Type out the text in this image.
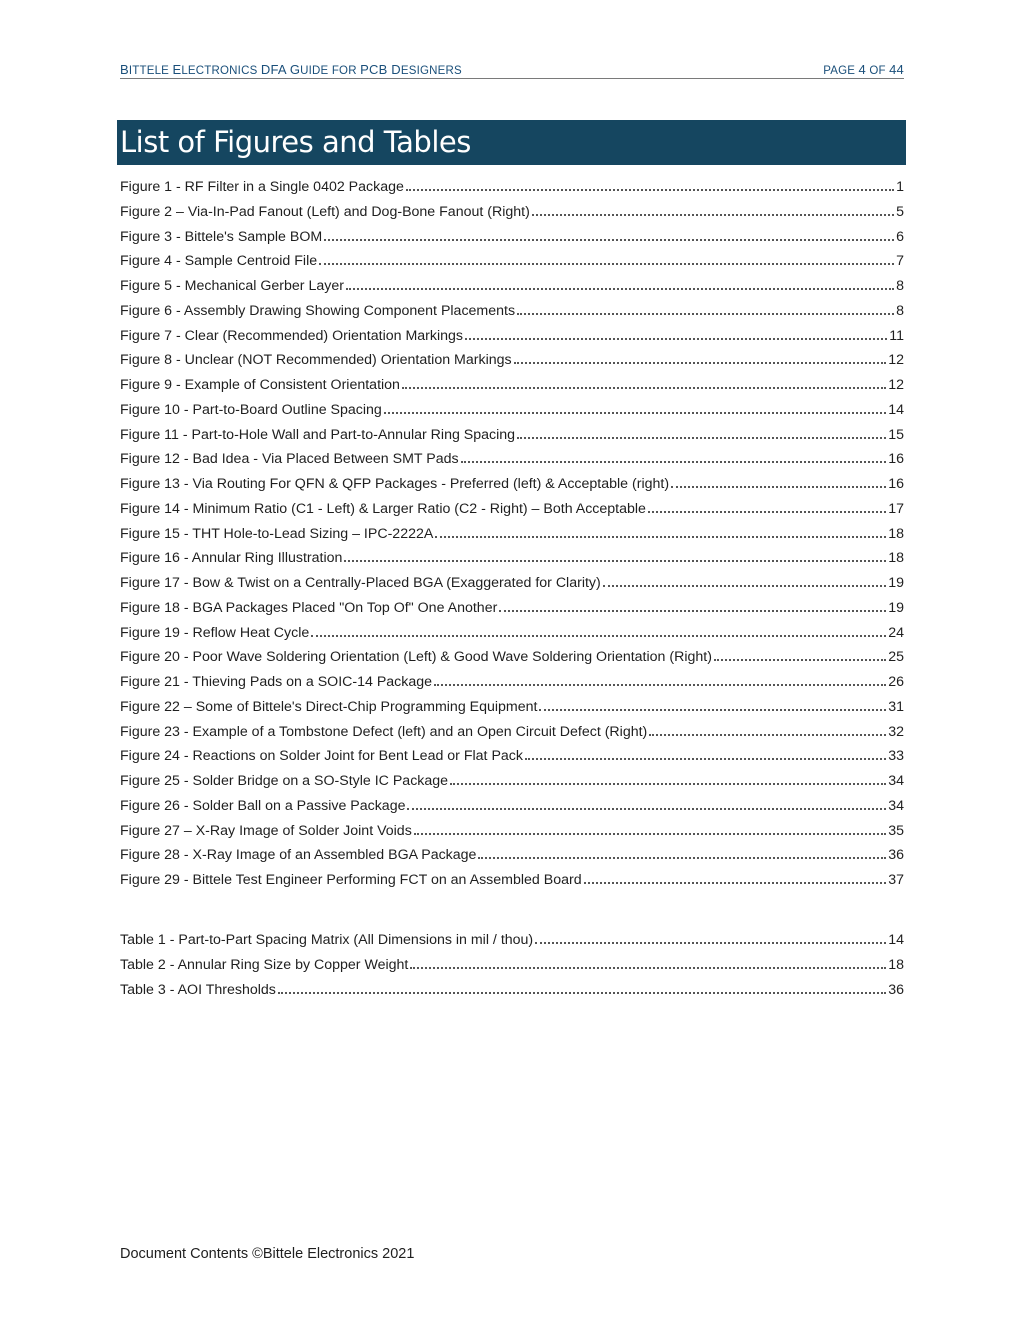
BITTELE ELECTRONICS DFA GUIDE FOR PCB DESIGNERS	PAGE 4 OF 44
List of Figures and Tables
Figure 1 - RF Filter in a Single 0402 Package	1
Figure 2 – Via-In-Pad Fanout (Left) and Dog-Bone Fanout (Right)	5
Figure 3 - Bittele's Sample BOM	6
Figure 4 - Sample Centroid File	7
Figure 5 - Mechanical Gerber Layer	8
Figure 6 - Assembly Drawing Showing Component Placements	8
Figure 7 - Clear (Recommended) Orientation Markings	11
Figure 8 - Unclear (NOT Recommended) Orientation Markings	12
Figure 9 - Example of Consistent Orientation	12
Figure 10 - Part-to-Board Outline Spacing	14
Figure 11 - Part-to-Hole Wall and Part-to-Annular Ring Spacing	15
Figure 12 - Bad Idea - Via Placed Between SMT Pads	16
Figure 13 - Via Routing For QFN & QFP Packages - Preferred (left) & Acceptable (right)	16
Figure 14 - Minimum Ratio (C1 - Left) & Larger Ratio (C2 - Right) – Both Acceptable	17
Figure 15 - THT Hole-to-Lead Sizing – IPC-2222A	18
Figure 16 - Annular Ring Illustration	18
Figure 17 - Bow & Twist on a Centrally-Placed BGA (Exaggerated for Clarity)	19
Figure 18 - BGA Packages Placed "On Top Of" One Another	19
Figure 19 - Reflow Heat Cycle	24
Figure 20 - Poor Wave Soldering Orientation (Left) & Good Wave Soldering Orientation (Right)	25
Figure 21 - Thieving Pads on a SOIC-14 Package	26
Figure 22 – Some of Bittele's Direct-Chip Programming Equipment	31
Figure 23 - Example of a Tombstone Defect (left) and an Open Circuit Defect (Right)	32
Figure 24 - Reactions on Solder Joint for Bent Lead or Flat Pack	33
Figure 25 - Solder Bridge on a SO-Style IC Package	34
Figure 26 - Solder Ball on a Passive Package	34
Figure 27 – X-Ray Image of Solder Joint Voids	35
Figure 28 - X-Ray Image of an Assembled BGA Package	36
Figure 29 - Bittele Test Engineer Performing FCT on an Assembled Board	37
Table 1 - Part-to-Part Spacing Matrix (All Dimensions in mil / thou)	14
Table 2 - Annular Ring Size by Copper Weight	18
Table 3 - AOI Thresholds	36
Document Contents ©Bittele Electronics 2021
